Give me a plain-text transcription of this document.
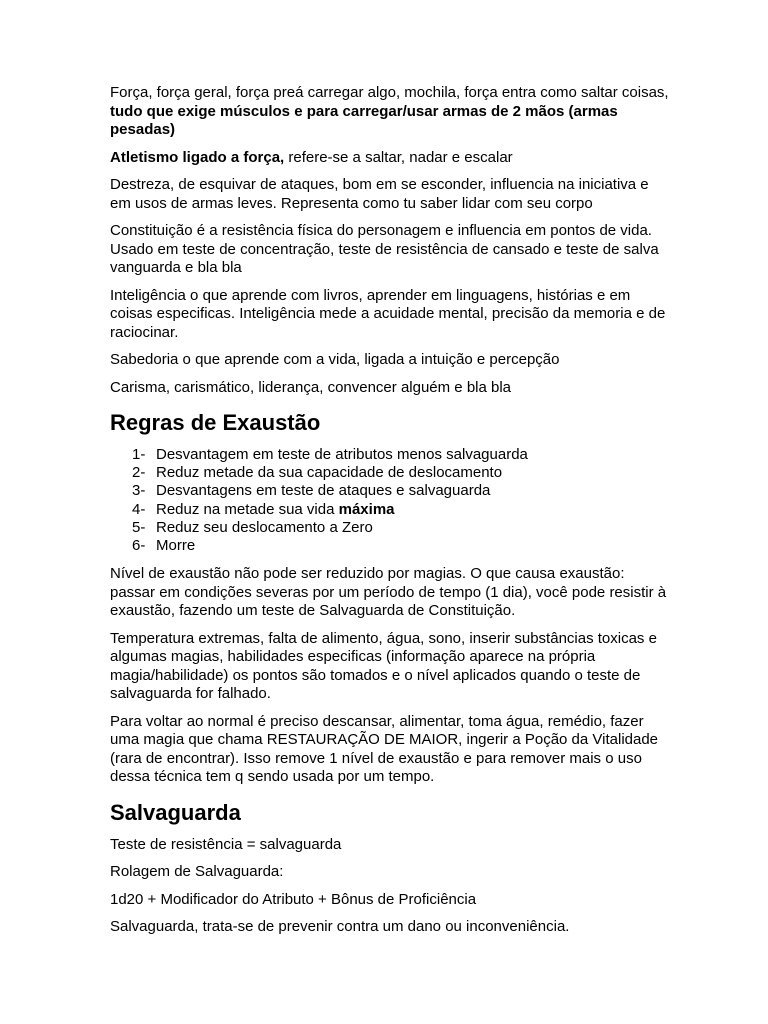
Força, força geral, força preá carregar algo, mochila, força entra como saltar coisas, tudo que exige músculos e para carregar/usar armas de 2 mãos (armas pesadas)

Atletismo ligado a força, refere-se a saltar, nadar e escalar

Destreza, de esquivar de ataques, bom em se esconder, influencia na iniciativa e em usos de armas leves. Representa como tu saber lidar com seu corpo

Constituição é a resistência física do personagem e influencia em pontos de vida. Usado em teste de concentração, teste de resistência de cansado e teste de salva vanguarda e bla bla

Inteligência o que aprende com livros, aprender em linguagens, histórias e em coisas especificas. Inteligência mede a acuidade mental, precisão da memoria e de raciocinar.

Sabedoria o que aprende com a vida, ligada a intuição e percepção

Carisma, carismático, liderança, convencer alguém e bla bla

Regras de Exaustão
1- Desvantagem em teste de atributos menos salvaguarda
2- Reduz metade da sua capacidade de deslocamento
3- Desvantagens em teste de ataques e salvaguarda
4- Reduz na metade sua vida máxima
5- Reduz seu deslocamento a Zero
6- Morre

Nível de exaustão não pode ser reduzido por magias. O que causa exaustão: passar em condições severas por um período de tempo (1 dia), você pode resistir à exaustão, fazendo um teste de Salvaguarda de Constituição.

Temperatura extremas, falta de alimento, água, sono, inserir substâncias toxicas e algumas magias, habilidades especificas (informação aparece na própria magia/habilidade) os pontos são tomados e o nível aplicados quando o teste de salvaguarda for falhado.

Para voltar ao normal é preciso descansar, alimentar, toma água, remédio, fazer uma magia que chama RESTAURAÇÃO DE MAIOR, ingerir a Poção da Vitalidade (rara de encontrar). Isso remove 1 nível de exaustão e para remover mais o uso dessa técnica tem q sendo usada por um tempo.

Salvaguarda

Teste de resistência = salvaguarda

Rolagem de Salvaguarda:

1d20 + Modificador do Atributo + Bônus de Proficiência

Salvaguarda, trata-se de prevenir contra um dano ou inconveniência.
